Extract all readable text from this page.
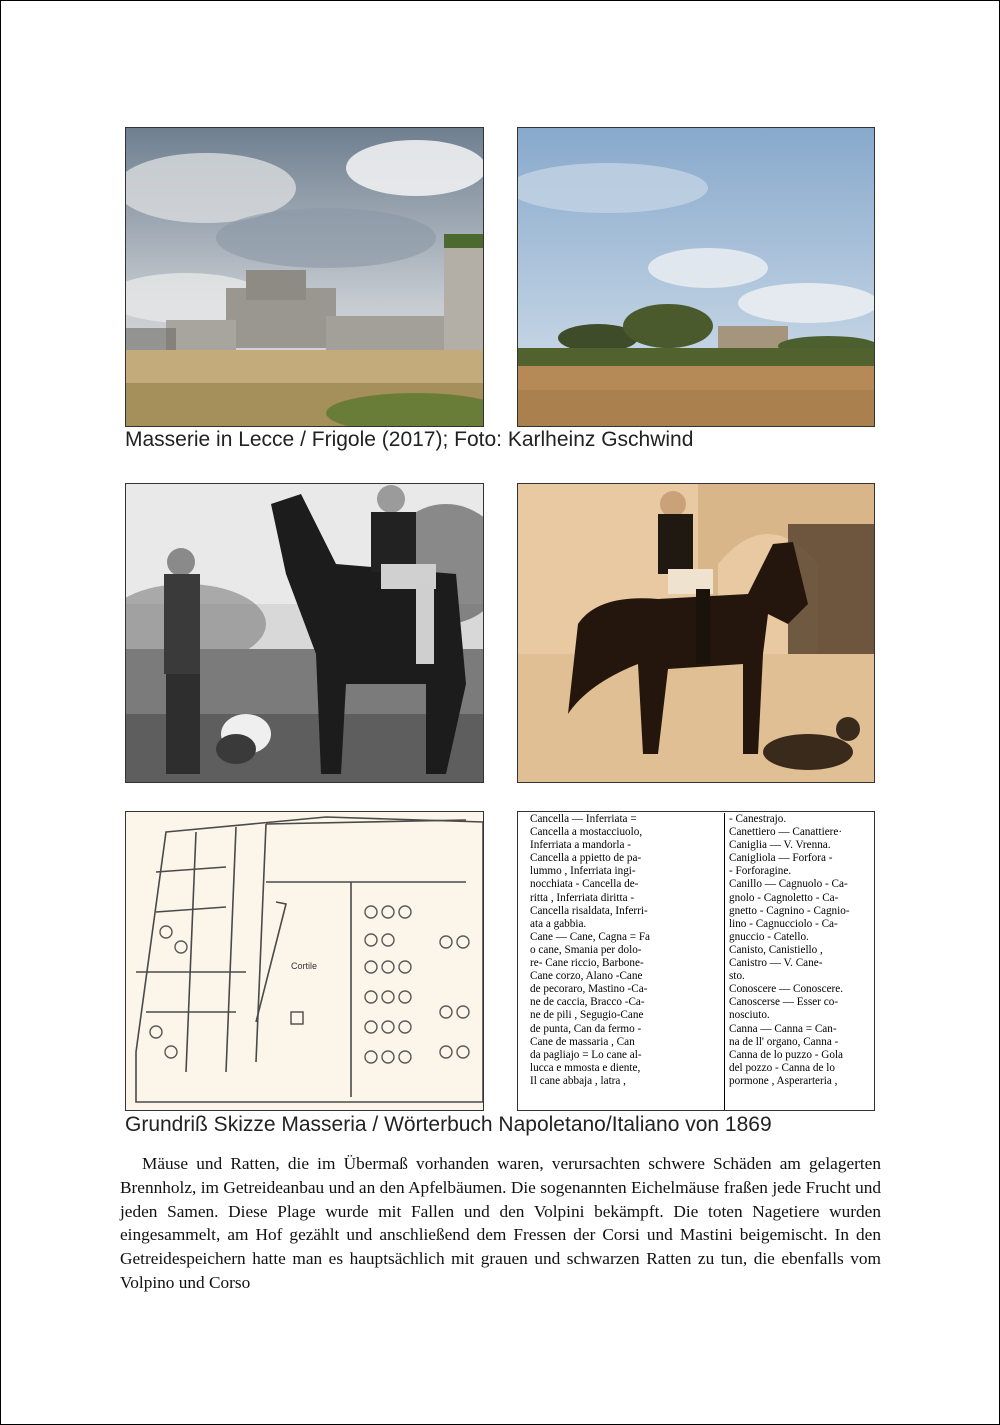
Masserie in Lecce / Frigole (2017); Foto: Karlheinz Gschwind
Cortile
Cancella — Inferriata =
Cancella a mostacciuolo,
Inferriata a mandorla -
Cancella a ppietto de pa-
lummo , Inferriata ingi-
nocchiata - Cancella de-
ritta , Inferriata diritta -
Cancella risaldata, Inferri-
ata a gabbia.
Cane — Cane, Cagna = Fa
o cane, Smania per dolo-
re- Cane riccio, Barbone-
Cane corzo, Alano -Cane
de pecoraro, Mastino -Ca-
ne de caccia, Bracco -Ca-
ne de pili , Segugio-Cane
de punta, Can da fermo -
Cane de massaria , Can
da pagliajo = Lo cane al-
lucca e mmosta e diente,
Il cane abbaja , latra ,
- Canestrajo.
Canettiero — Canattiere·
Caniglia — V. Vrenna.
Canigliola — Forfora -
- Forforagine.
Canillo — Cagnuolo - Ca-
gnolo - Cagnoletto - Ca-
gnetto - Cagnino - Cagnio-
lino - Cagnucciolo - Ca-
gnuccio - Catello.
Canisto, Canistiello ,
Canistro — V. Cane-
sto.
Conoscere — Conoscere.
Canoscerse — Esser co-
nosciuto.
Canna — Canna = Can-
na de ll' organo, Canna -
Canna de lo puzzo - Gola
del pozzo - Canna de lo
pormone , Asperarteria ,
Grundriß Skizze Masseria / Wörterbuch Napoletano/Italiano von 1869

Mäuse und Ratten, die im Übermaß vorhanden waren, verursachten schwere Schäden am gelagerten Brennholz, im Getreideanbau und an den Apfelbäumen. Die sogenannten Eichelmäuse fraßen jede Frucht und jeden Samen. Diese Plage wurde mit Fallen und den Volpini bekämpft. Die toten Nagetiere wurden eingesammelt, am Hof gezählt und anschließend dem Fressen der Corsi und Mastini beigemischt. In den Getreidespeichern hatte man es hauptsächlich mit grauen und schwarzen Ratten zu tun, die ebenfalls vom Volpino und Corso
